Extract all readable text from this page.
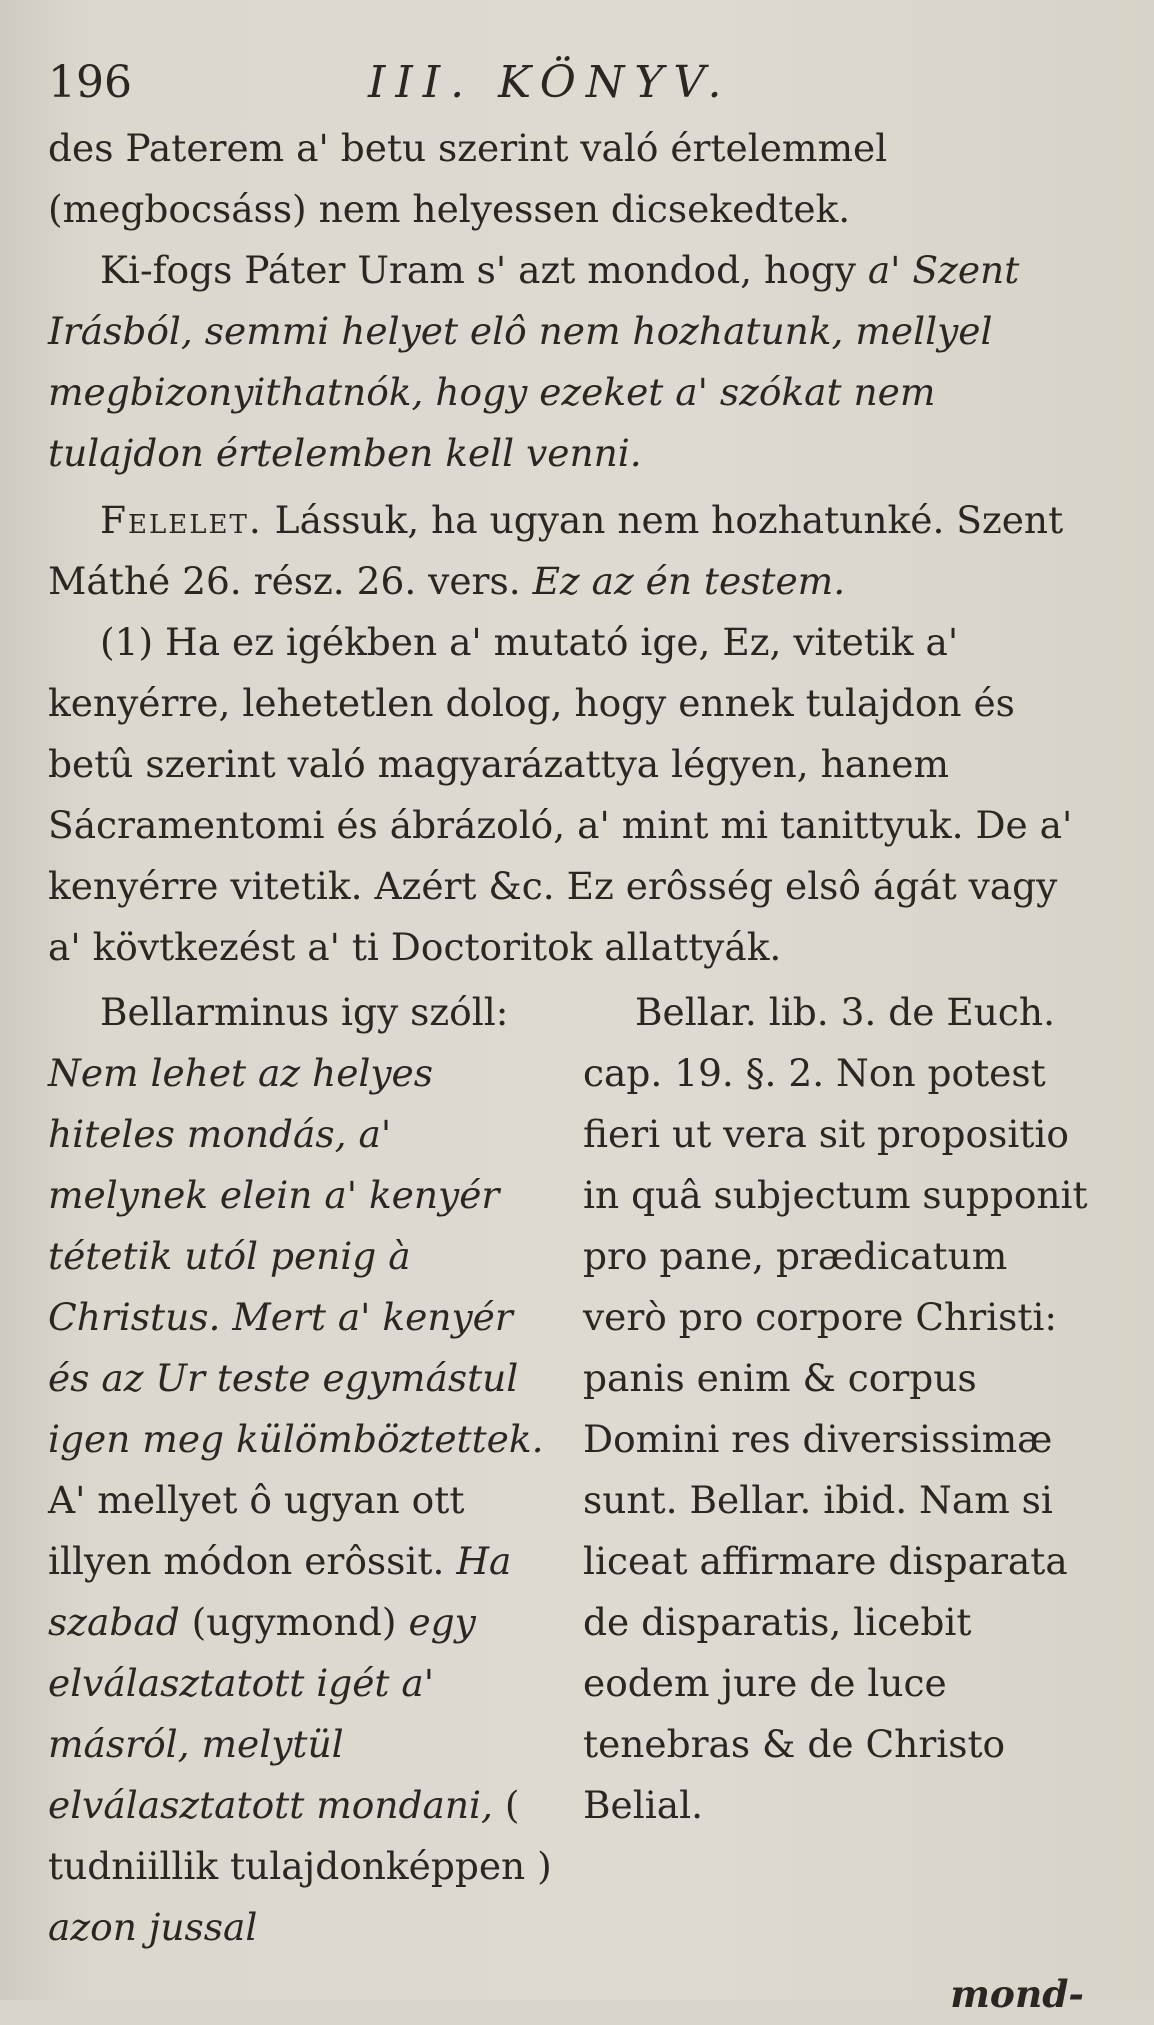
196	III. KÖNYV.

des Paterem a' betu szerint való értelemmel (megbocsáss) nem helyessen dicsekedtek.

Ki-fogs Páter Uram s' azt mondod, hogy a' Szent Irásból, semmi helyet elô nem hozhatunk, mellyel megbizonyithatnók, hogy ezeket a' szókat nem tulajdon értelemben kell venni.

Felelet. Lássuk, ha ugyan nem hozhatunké. Szent Máthé 26. rész. 26. vers. Ez az én testem.

(1) Ha ez igékben a' mutató ige, Ez, vitetik a' kenyérre, lehetetlen dolog, hogy ennek tulajdon és betû szerint való magyarázattya légyen, hanem Sácramentomi és ábrázoló, a' mint mi tanittyuk. De a' kenyérre vitetik. Azért &c. Ez erôsség elsô ágát vagy a' kövtkezést a' ti Doctoritok allattyák.

Bellarminus igy szóll: Nem lehet az helyes hiteles mondás, a' melynek elein a' kenyér tétetik utól penig à Christus. Mert a' kenyér és az Ur teste egymástul igen meg külömböztettek. A' mellyet ô ugyan ott illyen módon erôssit. Ha szabad (ugymond) egy elválasztatott igét a' másról, melytül elválasztatott mondani, ( tudniillik tulajdonképpen ) azon jussal

Bellar. lib. 3. de Euch. cap. 19. §. 2. Non potest fieri ut vera sit propositio in quâ subjectum supponit pro pane, prædicatum verò pro corpore Christi: panis enim & corpus Domini res diversissimæ sunt. Bellar. ibid. Nam si liceat affirmare disparata de disparatis, licebit eodem jure de luce tenebras & de Christo Belial.

mond-
